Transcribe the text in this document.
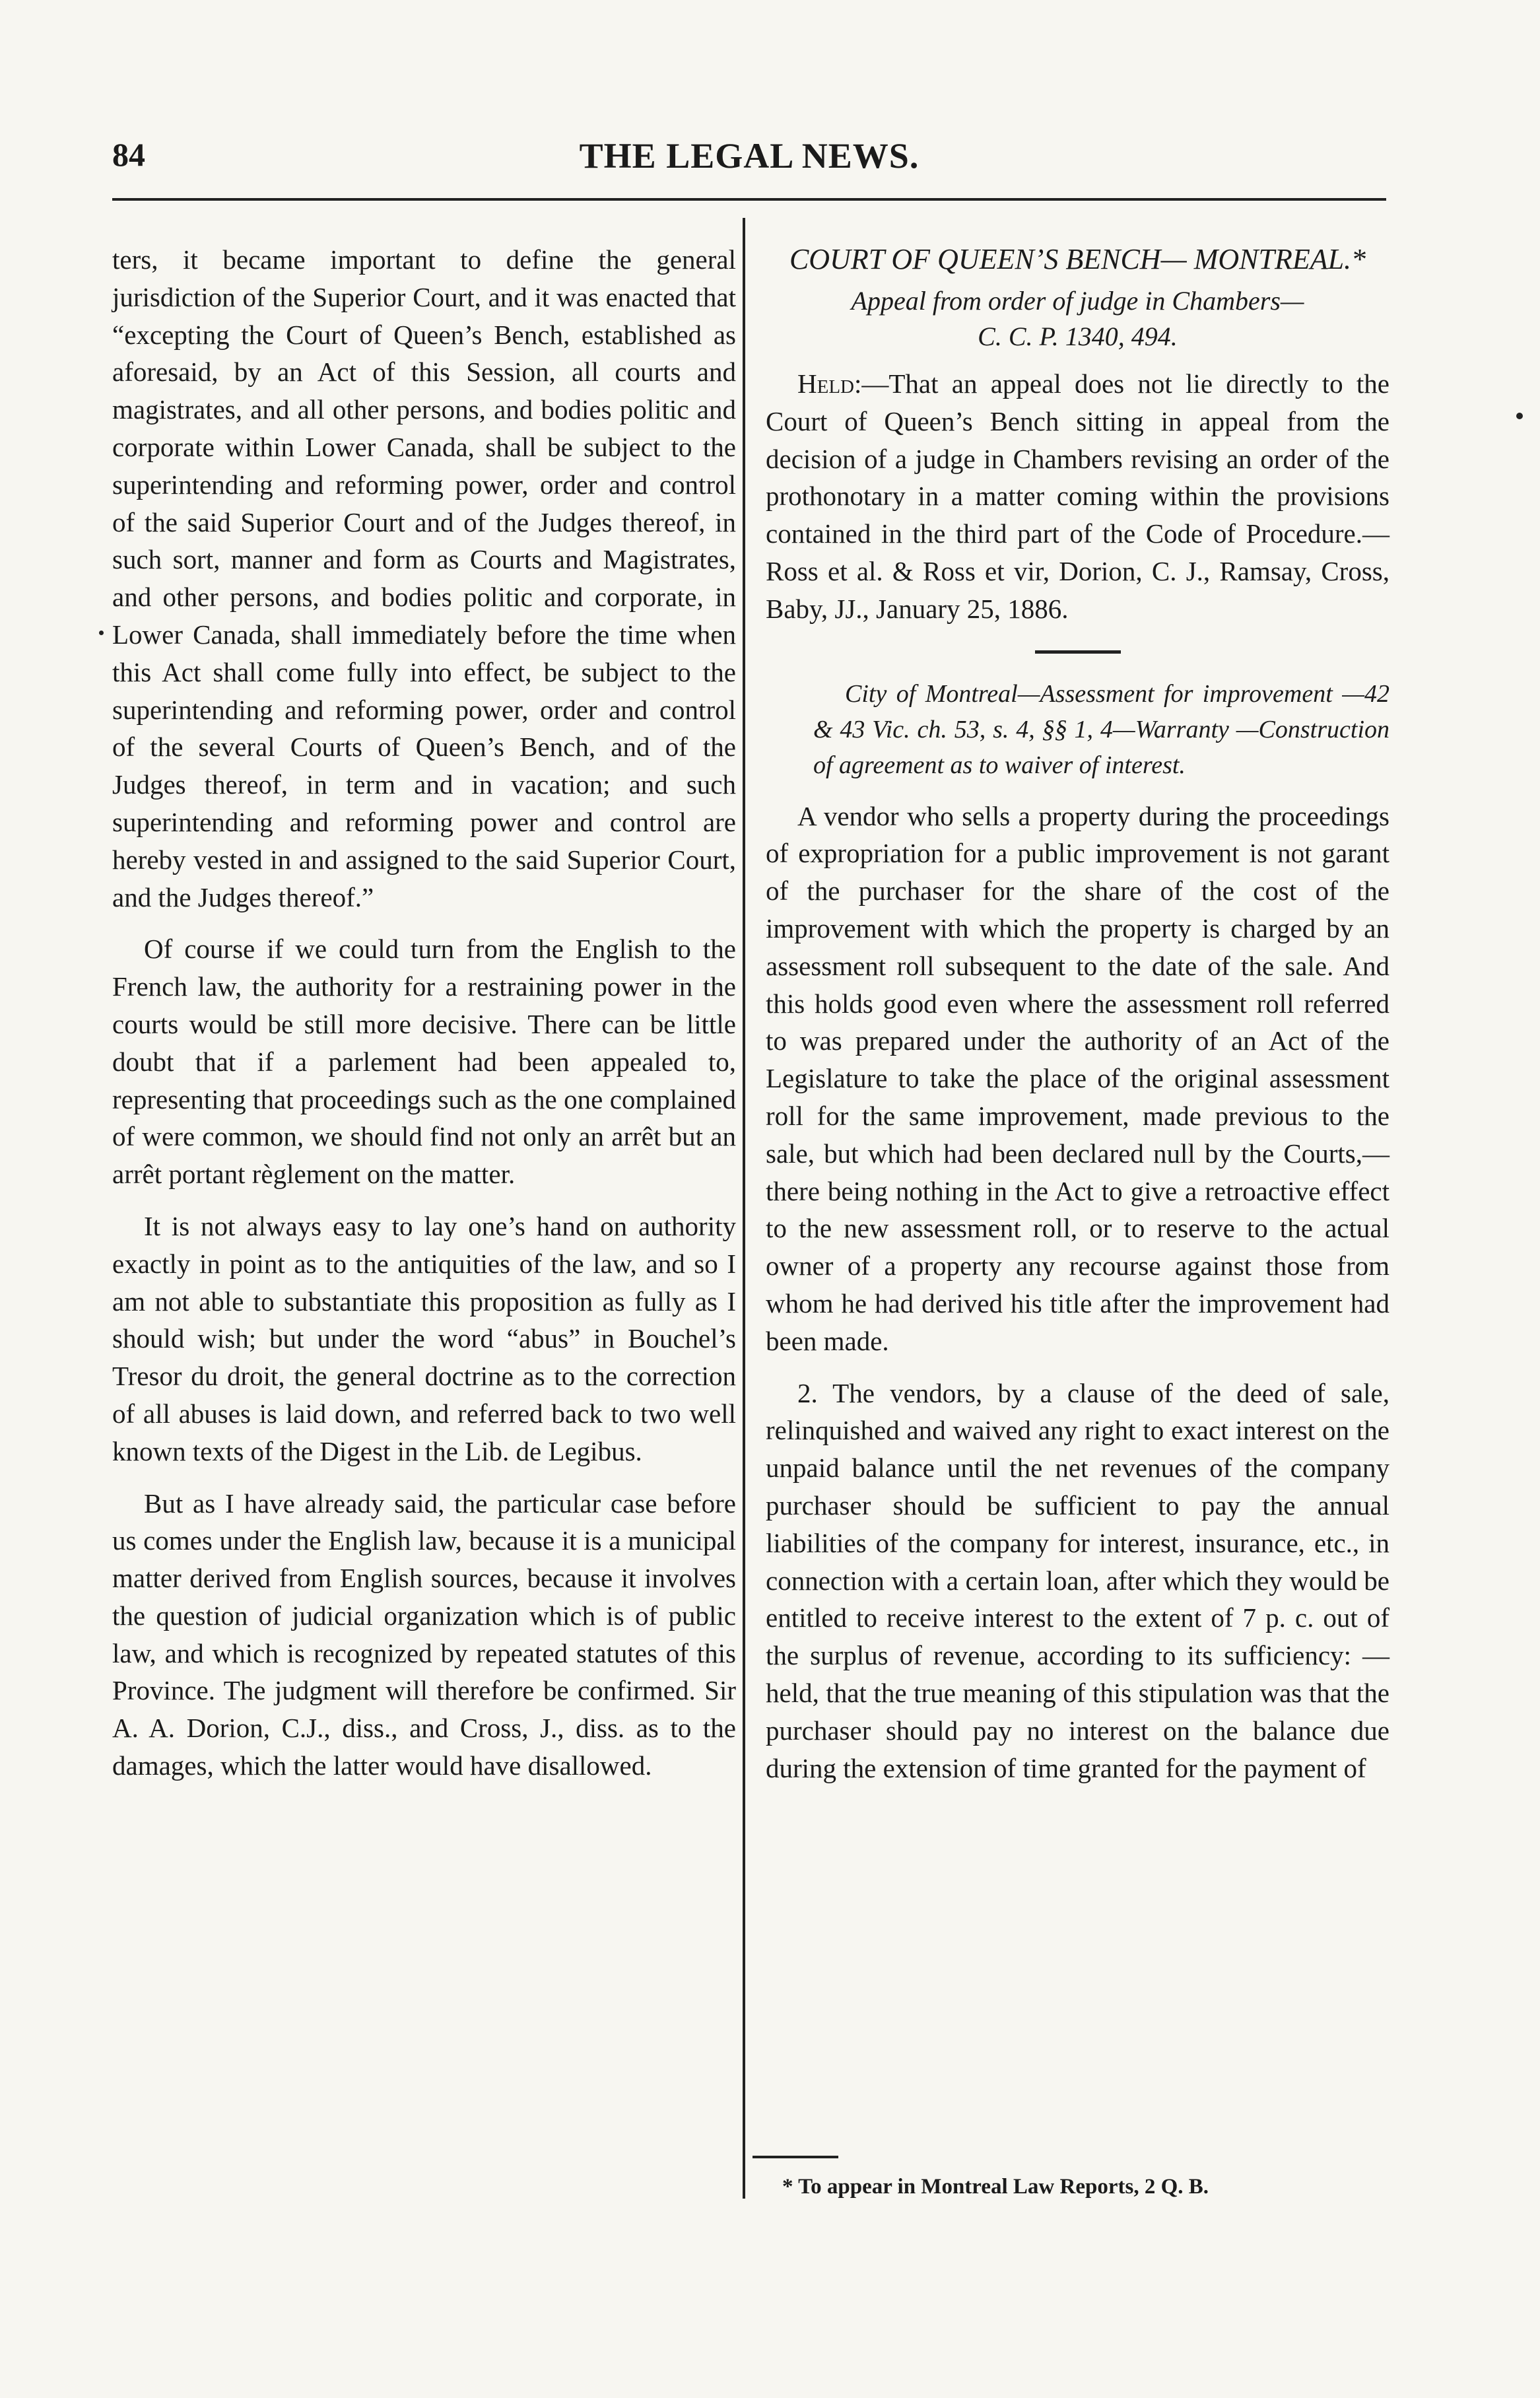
84	THE LEGAL NEWS.

ters, it became important to define the general jurisdiction of the Superior Court, and it was enacted that “excepting the Court of Queen’s Bench, established as aforesaid, by an Act of this Session, all courts and magistrates, and all other persons, and bodies politic and corporate within Lower Canada, shall be subject to the superintending and reforming power, order and control of the said Superior Court and of the Judges thereof, in such sort, manner and form as Courts and Magistrates, and other persons, and bodies politic and corporate, in Lower Canada, shall immediately before the time when this Act shall come fully into effect, be subject to the superintending and reforming power, order and control of the several Courts of Queen’s Bench, and of the Judges thereof, in term and in vacation; and such superintending and reforming power and control are hereby vested in and assigned to the said Superior Court, and the Judges thereof.”

Of course if we could turn from the English to the French law, the authority for a restraining power in the courts would be still more decisive. There can be little doubt that if a parlement had been appealed to, representing that proceedings such as the one complained of were common, we should find not only an arrêt but an arrêt portant règlement on the matter.

It is not always easy to lay one’s hand on authority exactly in point as to the antiquities of the law, and so I am not able to substantiate this proposition as fully as I should wish; but under the word “abus” in Bouchel’s Tresor du droit, the general doctrine as to the correction of all abuses is laid down, and referred back to two well known texts of the Digest in the Lib. de Legibus.

But as I have already said, the particular case before us comes under the English law, because it is a municipal matter derived from English sources, because it involves the question of judicial organization which is of public law, and which is recognized by repeated statutes of this Province. The judgment will therefore be confirmed. Sir A. A. Dorion, C.J., diss., and Cross, J., diss. as to the damages, which the latter would have disallowed.

COURT OF QUEEN’S BENCH— MONTREAL.*
Appeal from order of judge in Chambers—
C. C. P. 1340, 494.

Held:—That an appeal does not lie directly to the Court of Queen’s Bench sitting in appeal from the decision of a judge in Chambers revising an order of the prothonotary in a matter coming within the provisions contained in the third part of the Code of Procedure.—Ross et al. & Ross et vir, Dorion, C. J., Ramsay, Cross, Baby, JJ., January 25, 1886.

City of Montreal—Assessment for improvement —42 & 43 Vic. ch. 53, s. 4, §§ 1, 4—Warranty —Construction of agreement as to waiver of interest.

A vendor who sells a property during the proceedings of expropriation for a public improvement is not garant of the purchaser for the share of the cost of the improvement with which the property is charged by an assessment roll subsequent to the date of the sale. And this holds good even where the assessment roll referred to was prepared under the authority of an Act of the Legislature to take the place of the original assessment roll for the same improvement, made previous to the sale, but which had been declared null by the Courts,—there being nothing in the Act to give a retroactive effect to the new assessment roll, or to reserve to the actual owner of a property any recourse against those from whom he had derived his title after the improvement had been made.

2. The vendors, by a clause of the deed of sale, relinquished and waived any right to exact interest on the unpaid balance until the net revenues of the company purchaser should be sufficient to pay the annual liabilities of the company for interest, insurance, etc., in connection with a certain loan, after which they would be entitled to receive interest to the extent of 7 p. c. out of the surplus of revenue, according to its sufficiency: —held, that the true meaning of this stipulation was that the purchaser should pay no interest on the balance due during the extension of time granted for the payment of

* To appear in Montreal Law Reports, 2 Q. B.
